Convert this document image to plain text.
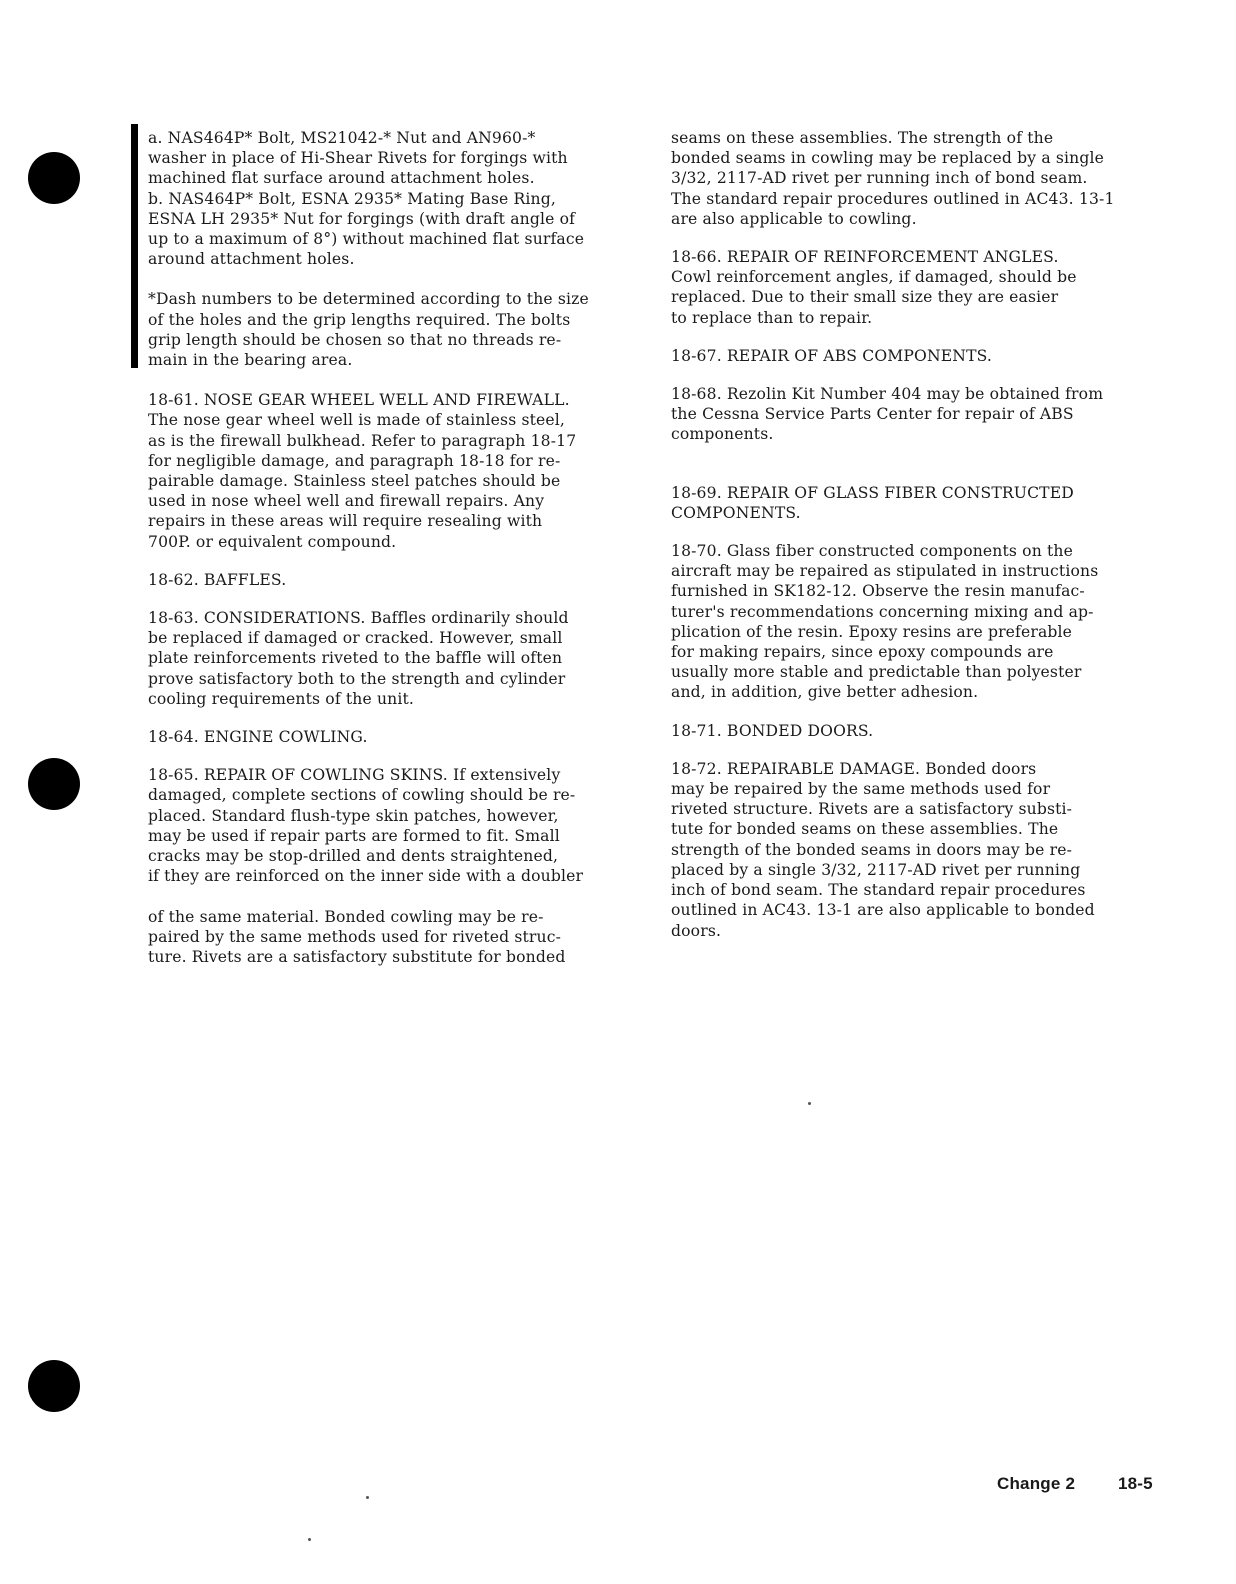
a. NAS464P* Bolt, MS21042-* Nut and AN960-*
washer in place of Hi-Shear Rivets for forgings with
machined flat surface around attachment holes.

b. NAS464P* Bolt, ESNA 2935* Mating Base Ring,
ESNA LH 2935* Nut for forgings (with draft angle of
up to a maximum of 8°) without machined flat surface
around attachment holes.

*Dash numbers to be determined according to the size
of the holes and the grip lengths required. The bolts
grip length should be chosen so that no threads re-
main in the bearing area.

18-61. NOSE GEAR WHEEL WELL AND FIREWALL.
The nose gear wheel well is made of stainless steel,
as is the firewall bulkhead. Refer to paragraph 18-17
for negligible damage, and paragraph 18-18 for re-
pairable damage. Stainless steel patches should be
used in nose wheel well and firewall repairs. Any
repairs in these areas will require resealing with
700P. or equivalent compound.

18-62. BAFFLES.

18-63. CONSIDERATIONS. Baffles ordinarily should
be replaced if damaged or cracked. However, small
plate reinforcements riveted to the baffle will often
prove satisfactory both to the strength and cylinder
cooling requirements of the unit.

18-64. ENGINE COWLING.

18-65. REPAIR OF COWLING SKINS. If extensively
damaged, complete sections of cowling should be re-
placed. Standard flush-type skin patches, however,
may be used if repair parts are formed to fit. Small
cracks may be stop-drilled and dents straightened,
if they are reinforced on the inner side with a doubler

of the same material. Bonded cowling may be re-
paired by the same methods used for riveted struc-
ture. Rivets are a satisfactory substitute for bonded

seams on these assemblies. The strength of the
bonded seams in cowling may be replaced by a single
3/32, 2117-AD rivet per running inch of bond seam.
The standard repair procedures outlined in AC43. 13-1
are also applicable to cowling.

18-66. REPAIR OF REINFORCEMENT ANGLES.
Cowl reinforcement angles, if damaged, should be
replaced. Due to their small size they are easier
to replace than to repair.

18-67. REPAIR OF ABS COMPONENTS.

18-68. Rezolin Kit Number 404 may be obtained from
the Cessna Service Parts Center for repair of ABS
components.

18-69. REPAIR OF GLASS FIBER CONSTRUCTED
COMPONENTS.

18-70. Glass fiber constructed components on the
aircraft may be repaired as stipulated in instructions
furnished in SK182-12. Observe the resin manufac-
turer's recommendations concerning mixing and ap-
plication of the resin. Epoxy resins are preferable
for making repairs, since epoxy compounds are
usually more stable and predictable than polyester
and, in addition, give better adhesion.

18-71. BONDED DOORS.

18-72. REPAIRABLE DAMAGE. Bonded doors
may be repaired by the same methods used for
riveted structure. Rivets are a satisfactory substi-
tute for bonded seams on these assemblies. The
strength of the bonded seams in doors may be re-
placed by a single 3/32, 2117-AD rivet per running
inch of bond seam. The standard repair procedures
outlined in AC43. 13-1 are also applicable to bonded
doors.

Change 2	18-5
